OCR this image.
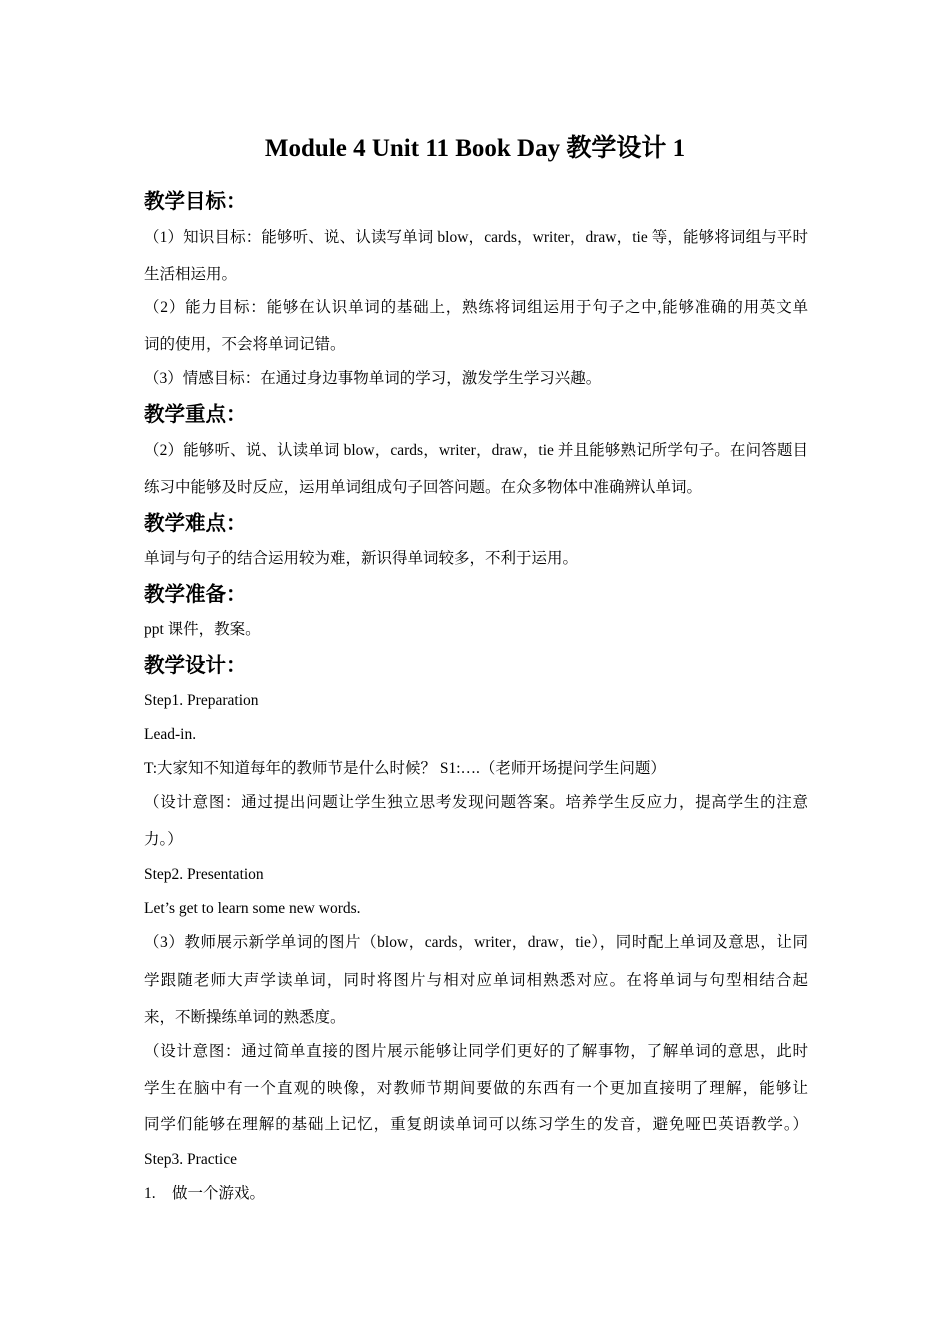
Module 4 Unit 11 Book Day 教学设计 1
教学目标：
（1）知识目标：能够听、说、认读写单词 blow，cards，writer，draw，tie 等，能够将词组与平时
生活相运用。
（2）能力目标：能够在认识单词的基础上，熟练将词组运用于句子之中,能够准确的用英文单
词的使用，不会将单词记错。
（3）情感目标：在通过身边事物单词的学习，激发学生学习兴趣。
教学重点：
（2）能够听、说、认读单词 blow，cards，writer，draw，tie 并且能够熟记所学句子。在问答题目
练习中能够及时反应，运用单词组成句子回答问题。在众多物体中准确辨认单词。
教学难点：
单词与句子的结合运用较为难，新识得单词较多，不利于运用。
教学准备：
ppt 课件，教案。
教学设计：
Step1. Preparation
Lead-in.
T:大家知不知道每年的教师节是什么时候？ S1:….（老师开场提问学生问题）
（设计意图：通过提出问题让学生独立思考发现问题答案。培养学生反应力，提高学生的注意
力。）
Step2. Presentation
Let’s get to learn some new words.
（3）教师展示新学单词的图片（blow，cards，writer，draw，tie），同时配上单词及意思，让同
学跟随老师大声学读单词，同时将图片与相对应单词相熟悉对应。在将单词与句型相结合起
来，不断操练单词的熟悉度。
（设计意图：通过简单直接的图片展示能够让同学们更好的了解事物，了解单词的意思，此时
学生在脑中有一个直观的映像，对教师节期间要做的东西有一个更加直接明了理解，能够让
同学们能够在理解的基础上记忆，重复朗读单词可以练习学生的发音，避免哑巴英语教学。）
Step3. Practice
1. 做一个游戏。
